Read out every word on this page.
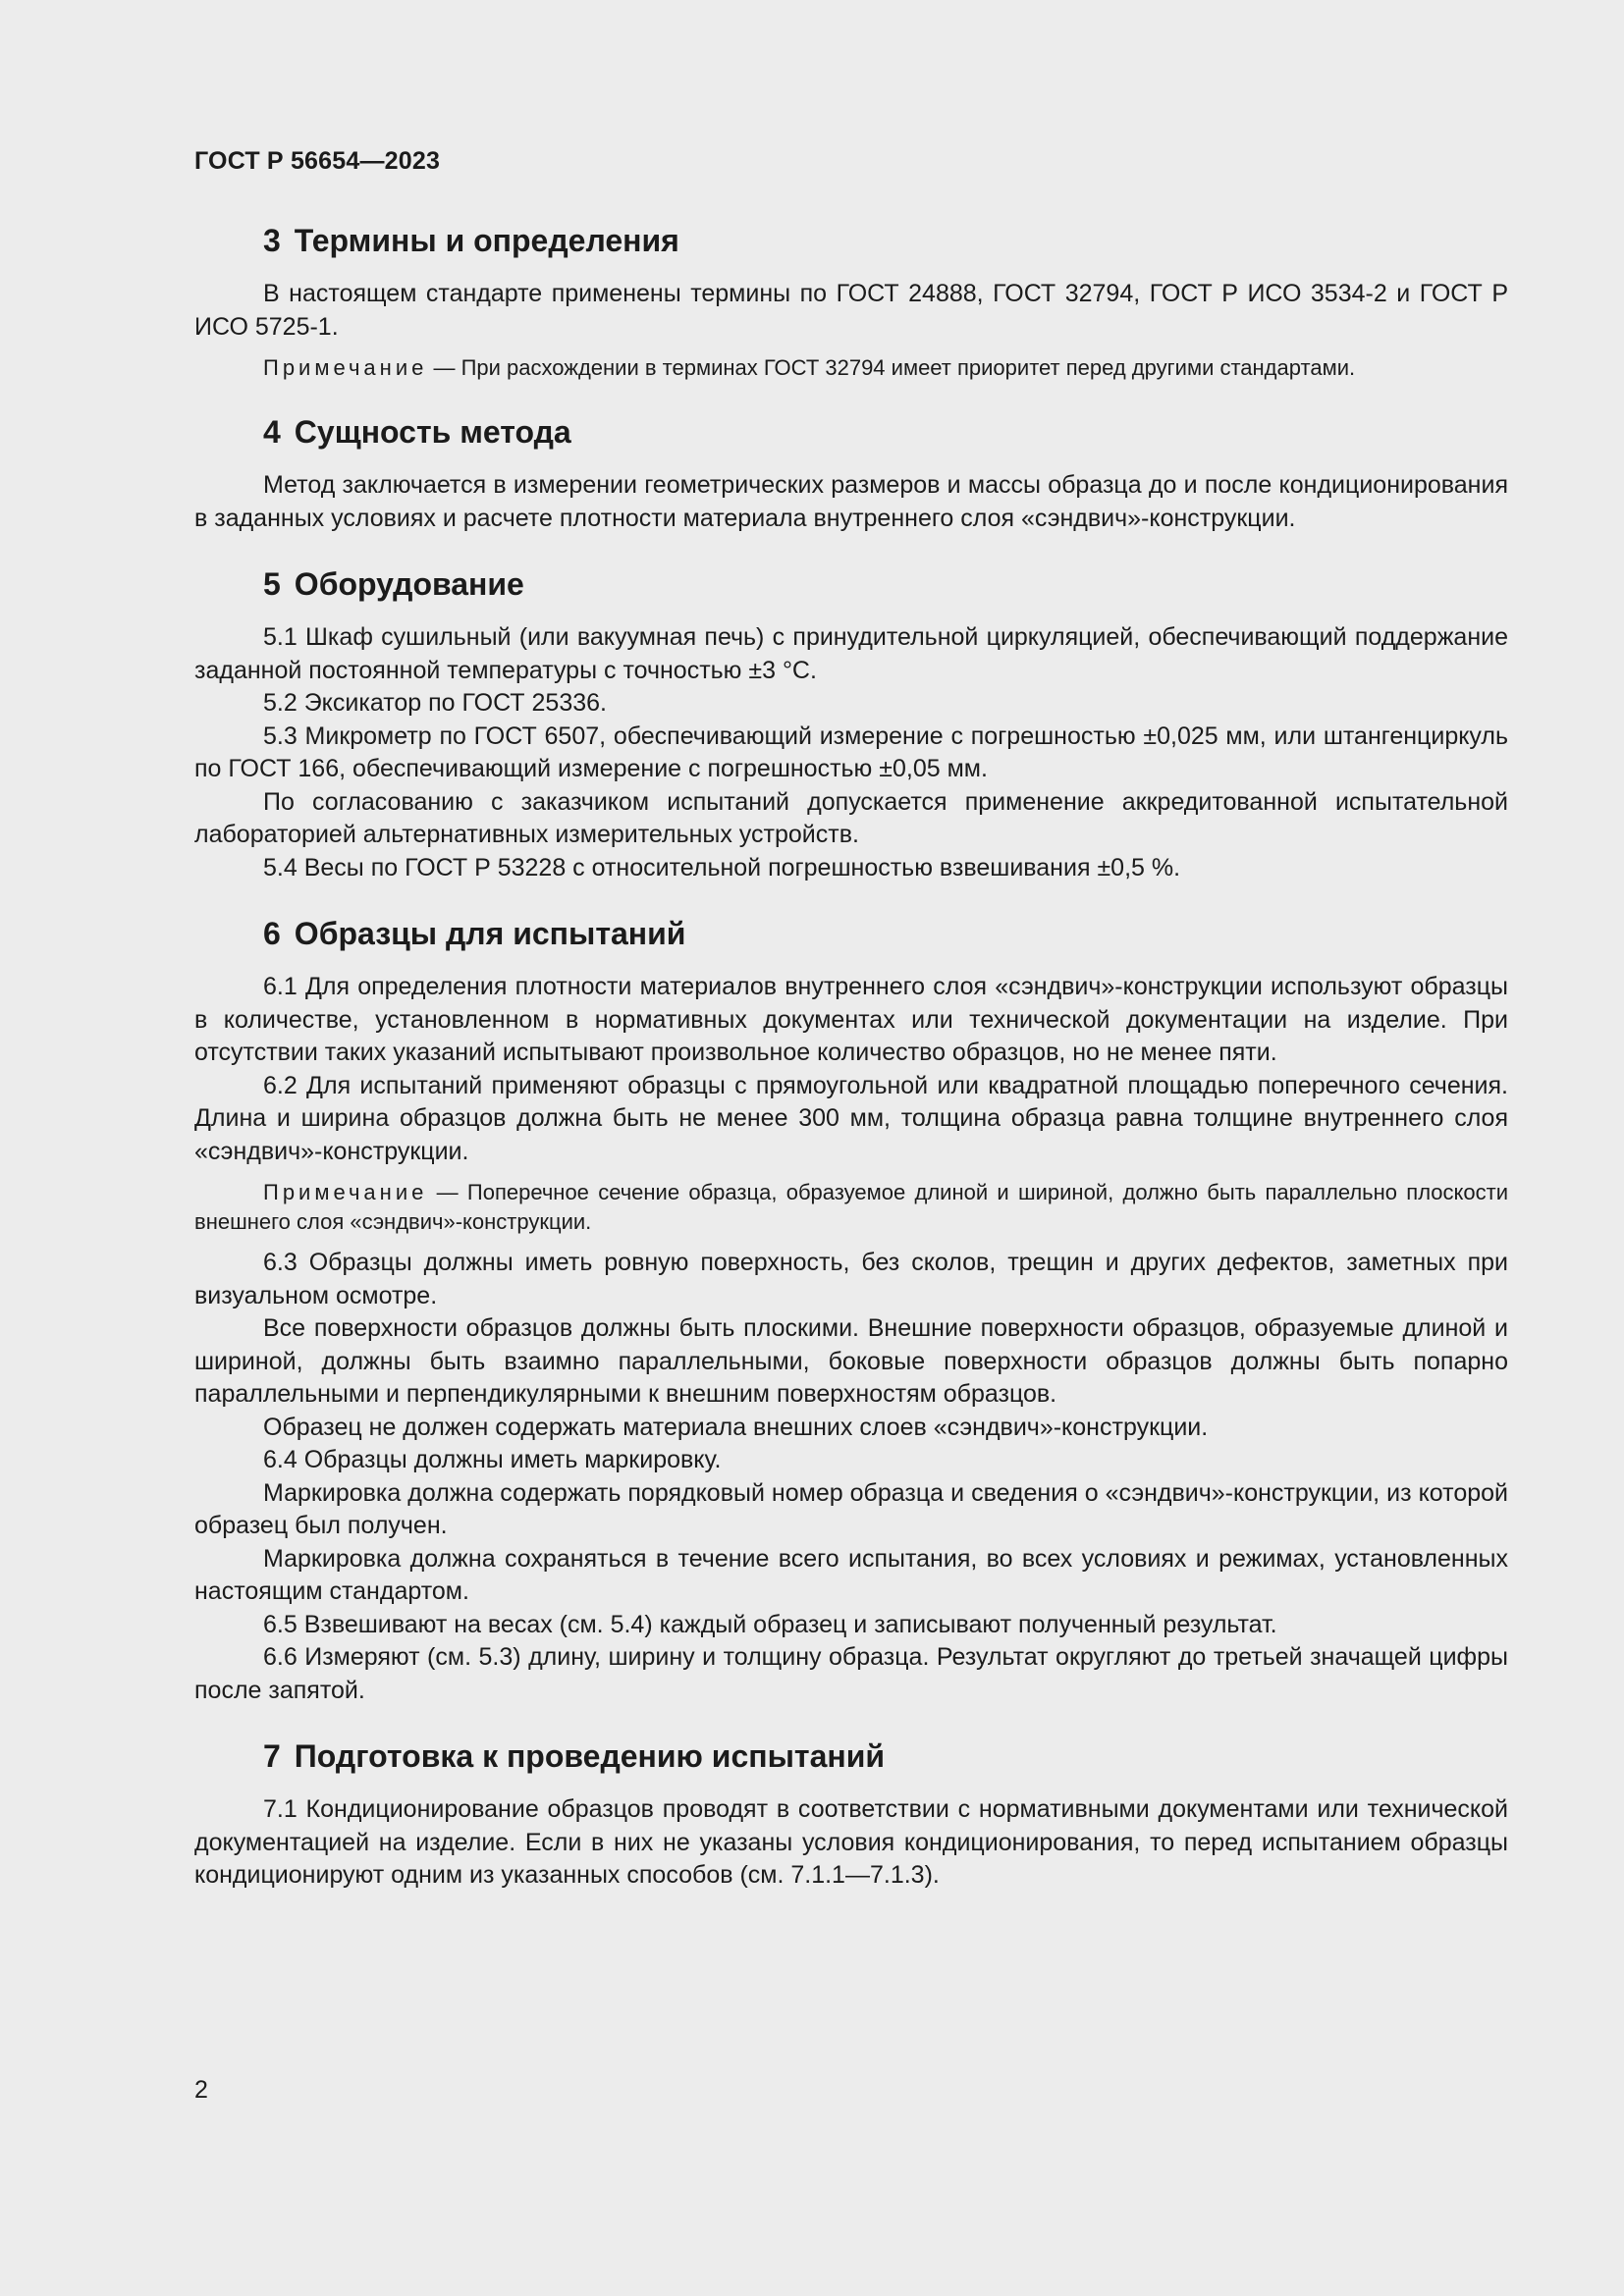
ГОСТ Р 56654—2023
3 Термины и определения

В настоящем стандарте применены термины по ГОСТ 24888, ГОСТ 32794, ГОСТ Р ИСО 3534-2 и ГОСТ Р ИСО 5725-1.

Примечание — При расхождении в терминах ГОСТ 32794 имеет приоритет перед другими стандартами.

4 Сущность метода

Метод заключается в измерении геометрических размеров и массы образца до и после кондиционирования в заданных условиях и расчете плотности материала внутреннего слоя «сэндвич»-конструкции.

5 Оборудование

5.1 Шкаф сушильный (или вакуумная печь) с принудительной циркуляцией, обеспечивающий поддержание заданной постоянной температуры с точностью ±3 °С.

5.2 Эксикатор по ГОСТ 25336.

5.3 Микрометр по ГОСТ 6507, обеспечивающий измерение с погрешностью ±0,025 мм, или штангенциркуль по ГОСТ 166, обеспечивающий измерение с погрешностью ±0,05 мм.

По согласованию с заказчиком испытаний допускается применение аккредитованной испытательной лабораторией альтернативных измерительных устройств.

5.4 Весы по ГОСТ Р 53228 с относительной погрешностью взвешивания ±0,5 %.

6 Образцы для испытаний

6.1 Для определения плотности материалов внутреннего слоя «сэндвич»-конструкции используют образцы в количестве, установленном в нормативных документах или технической документации на изделие. При отсутствии таких указаний испытывают произвольное количество образцов, но не менее пяти.

6.2 Для испытаний применяют образцы с прямоугольной или квадратной площадью поперечного сечения. Длина и ширина образцов должна быть не менее 300 мм, толщина образца равна толщине внутреннего слоя «сэндвич»-конструкции.

Примечание — Поперечное сечение образца, образуемое длиной и шириной, должно быть параллельно плоскости внешнего слоя «сэндвич»-конструкции.

6.3 Образцы должны иметь ровную поверхность, без сколов, трещин и других дефектов, заметных при визуальном осмотре.

Все поверхности образцов должны быть плоскими. Внешние поверхности образцов, образуемые длиной и шириной, должны быть взаимно параллельными, боковые поверхности образцов должны быть попарно параллельными и перпендикулярными к внешним поверхностям образцов.

Образец не должен содержать материала внешних слоев «сэндвич»-конструкции.

6.4 Образцы должны иметь маркировку.

Маркировка должна содержать порядковый номер образца и сведения о «сэндвич»-конструкции, из которой образец был получен.

Маркировка должна сохраняться в течение всего испытания, во всех условиях и режимах, установленных настоящим стандартом.

6.5 Взвешивают на весах (см. 5.4) каждый образец и записывают полученный результат.

6.6 Измеряют (см. 5.3) длину, ширину и толщину образца. Результат округляют до третьей значащей цифры после запятой.

7 Подготовка к проведению испытаний

7.1 Кондиционирование образцов проводят в соответствии с нормативными документами или технической документацией на изделие. Если в них не указаны условия кондиционирования, то перед испытанием образцы кондиционируют одним из указанных способов (см. 7.1.1—7.1.3).

2
